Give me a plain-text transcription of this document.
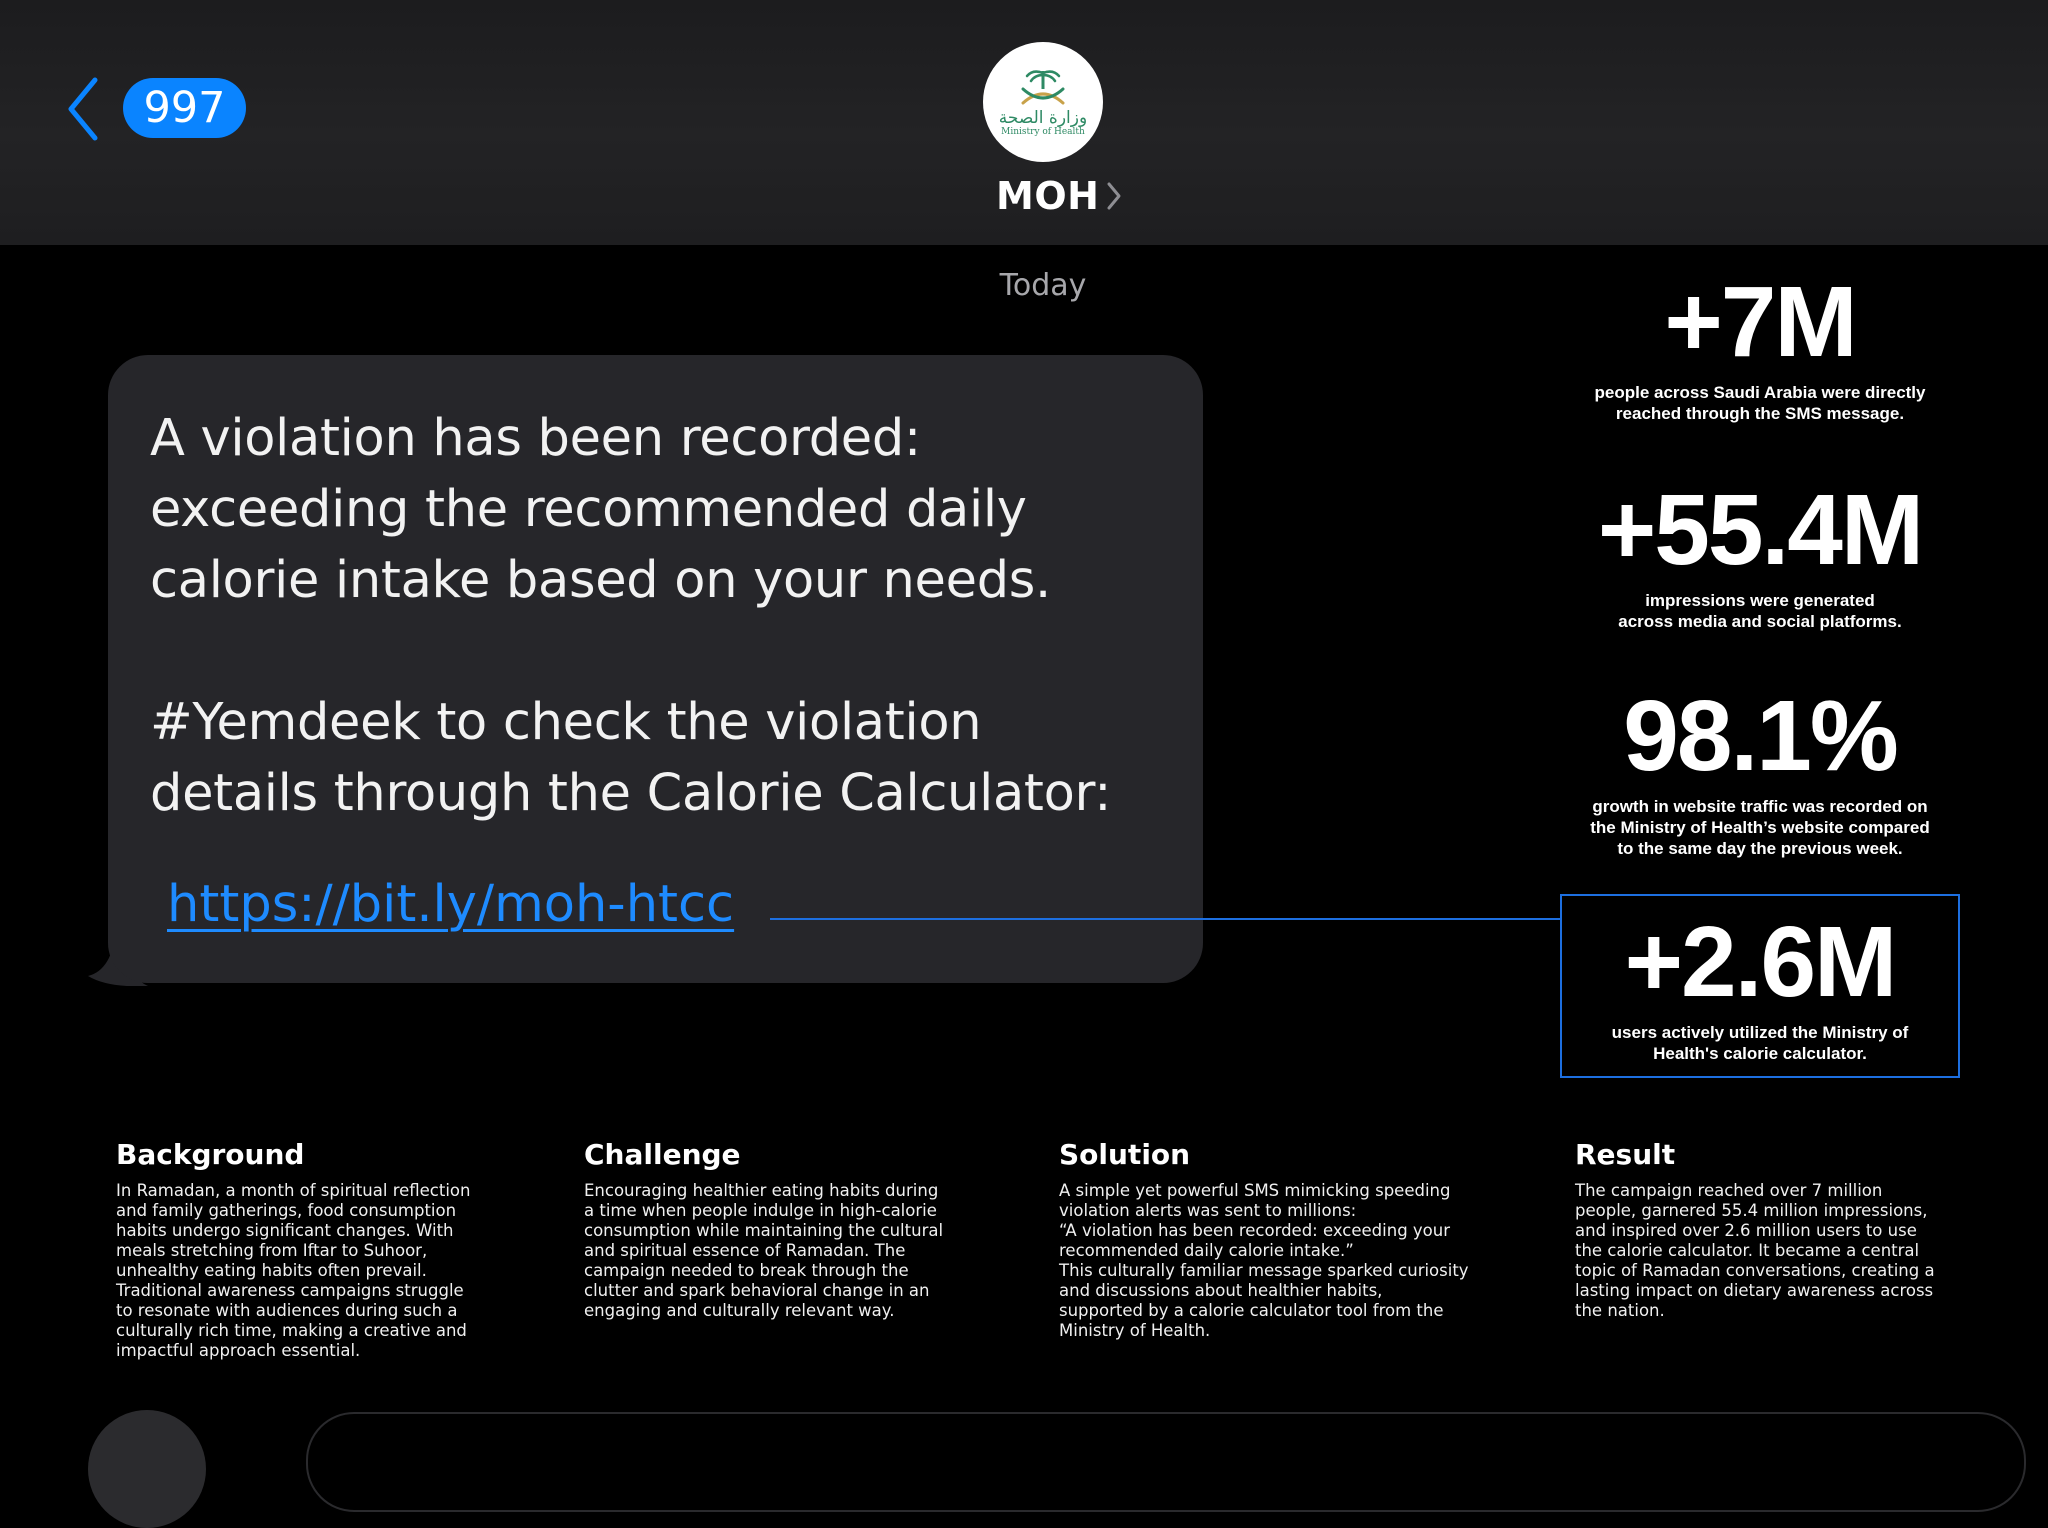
997	وزارة الصحة
Ministry of Health
MOH
Today
A violation has been recorded:
exceeding the recommended daily
calorie intake based on your needs.

#Yemdeek to check the violation
details through the Calorie Calculator:
https://bit.ly/moh-htcc
+7M
people across Saudi Arabia were directly
reached through the SMS message.
+55.4M
impressions were generated
across media and social platforms.
98.1%
growth in website traffic was recorded on
the Ministry of Health’s website compared
to the same day the previous week.
+2.6M
users actively utilized the Ministry of
Health's calorie calculator.
Background
In Ramadan, a month of spiritual reflection
and family gatherings, food consumption
habits undergo significant changes. With
meals stretching from Iftar to Suhoor,
unhealthy eating habits often prevail.
Traditional awareness campaigns struggle
to resonate with audiences during such a
culturally rich time, making a creative and
impactful approach essential.
Challenge
Encouraging healthier eating habits during
a time when people indulge in high-calorie
consumption while maintaining the cultural
and spiritual essence of Ramadan. The
campaign needed to break through the
clutter and spark behavioral change in an
engaging and culturally relevant way.
Solution
A simple yet powerful SMS mimicking speeding
violation alerts was sent to millions:
“A violation has been recorded: exceeding your
recommended daily calorie intake.”
This culturally familiar message sparked curiosity
and discussions about healthier habits,
supported by a calorie calculator tool from the
Ministry of Health.
Result
The campaign reached over 7 million
people, garnered 55.4 million impressions,
and inspired over 2.6 million users to use
the calorie calculator. It became a central
topic of Ramadan conversations, creating a
lasting impact on dietary awareness across
the nation.
